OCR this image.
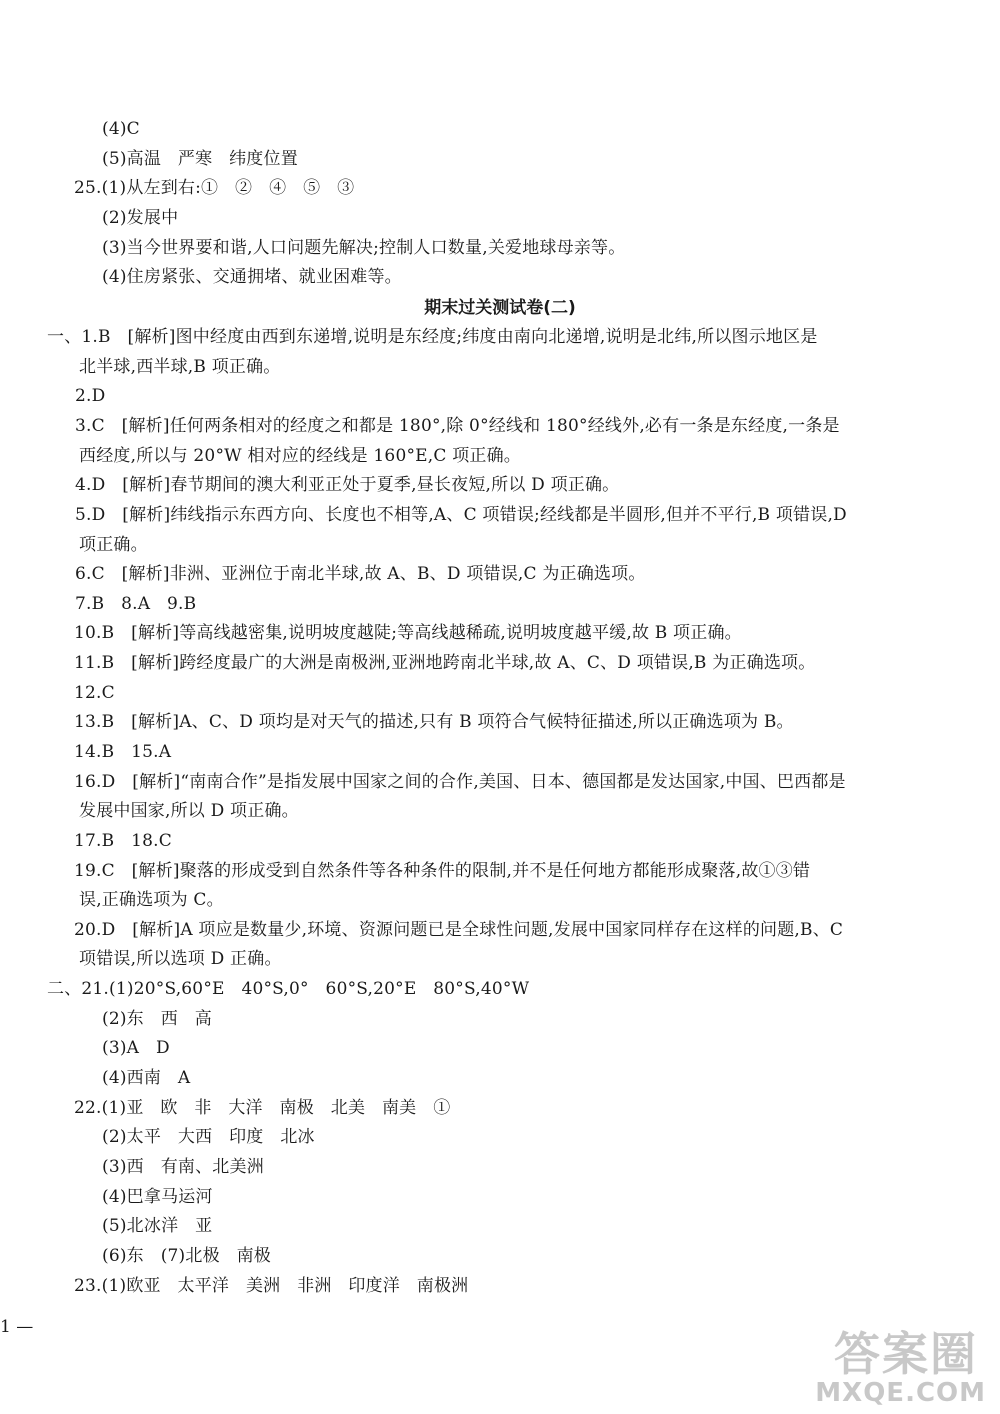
(4)C
(5)高温   严寒   纬度位置
25.(1)从左到右:①   ②   ④   ⑤   ③
(2)发展中
(3)当今世界要和谐,人口问题先解决;控制人口数量,关爱地球母亲等。
(4)住房紧张、交通拥堵、就业困难等。
期末过关测试卷(二)
一、1.B   [解析]图中经度由西到东递增,说明是东经度;纬度由南向北递增,说明是北纬,所以图示地区是
北半球,西半球,B 项正确。
2.D
3.C   [解析]任何两条相对的经度之和都是 180°,除 0°经线和 180°经线外,必有一条是东经度,一条是
西经度,所以与 20°W 相对应的经线是 160°E,C 项正确。
4.D   [解析]春节期间的澳大利亚正处于夏季,昼长夜短,所以 D 项正确。
5.D   [解析]纬线指示东西方向、长度也不相等,A、C 项错误;经线都是半圆形,但并不平行,B 项错误,D
项正确。
6.C   [解析]非洲、亚洲位于南北半球,故 A、B、D 项错误,C 为正确选项。
7.B   8.A   9.B
10.B   [解析]等高线越密集,说明坡度越陡;等高线越稀疏,说明坡度越平缓,故 B 项正确。
11.B   [解析]跨经度最广的大洲是南极洲,亚洲地跨南北半球,故 A、C、D 项错误,B 为正确选项。
12.C
13.B   [解析]A、C、D 项均是对天气的描述,只有 B 项符合气候特征描述,所以正确选项为 B。
14.B   15.A
16.D   [解析]“南南合作”是指发展中国家之间的合作,美国、日本、德国都是发达国家,中国、巴西都是
发展中国家,所以 D 项正确。
17.B   18.C
19.C   [解析]聚落的形成受到自然条件等各种条件的限制,并不是任何地方都能形成聚落,故①③错
误,正确选项为 C。
20.D   [解析]A 项应是数量少,环境、资源问题已是全球性问题,发展中国家同样存在这样的问题,B、C
项错误,所以选项 D 正确。
二、21.(1)20°S,60°E   40°S,0°   60°S,20°E   80°S,40°W
(2)东   西   高
(3)A   D
(4)西南   A
22.(1)亚   欧   非   大洋   南极   北美   南美   ①
(2)太平   大西   印度   北冰
(3)西   有南、北美洲
(4)巴拿马运河
(5)北冰洋   亚
(6)东   (7)北极   南极
23.(1)欧亚   太平洋   美洲   非洲   印度洋   南极洲
1 —	答案圈
MXQE.COM
